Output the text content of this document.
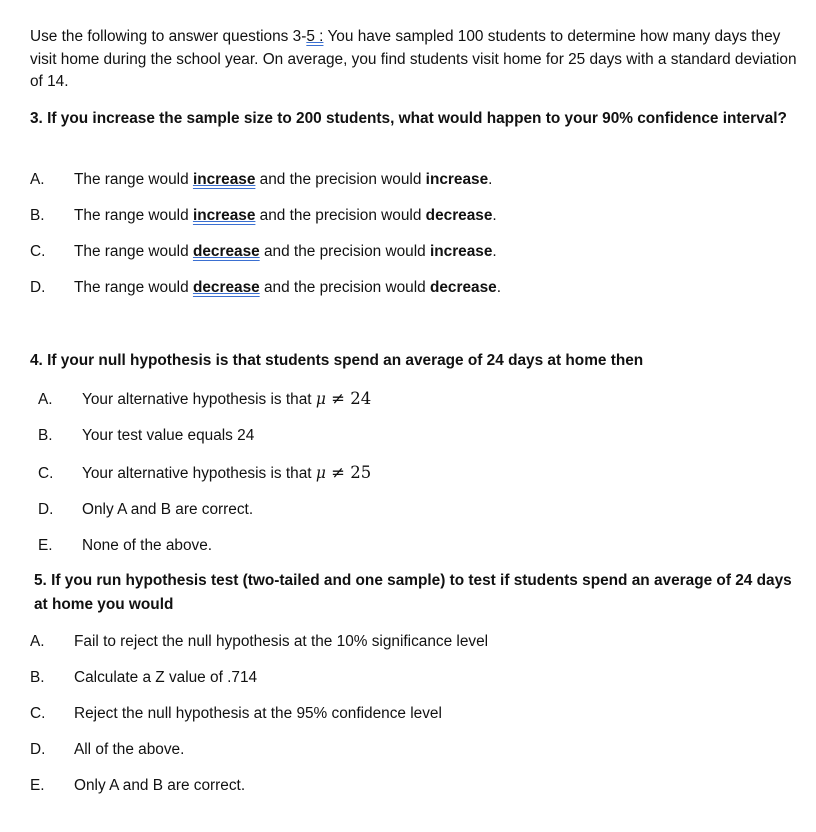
Use the following to answer questions 3-5 : You have sampled 100 students to determine how many days they visit home during the school year. On average, you find students visit home for 25 days with a standard deviation of 14.
3. If you increase the sample size to 200 students, what would happen to your 90% confidence interval?
A. The range would increase and the precision would increase.
B. The range would increase and the precision would decrease.
C. The range would decrease and the precision would increase.
D. The range would decrease and the precision would decrease.
4. If your null hypothesis is that students spend an average of 24 days at home then
A. Your alternative hypothesis is that μ ≠ 24
B. Your test value equals 24
C. Your alternative hypothesis is that μ ≠ 25
D. Only A and B are correct.
E. None of the above.
5. If you run hypothesis test (two-tailed and one sample) to test if students spend an average of 24 days at home you would
A. Fail to reject the null hypothesis at the 10% significance level
B. Calculate a Z value of .714
C. Reject the null hypothesis at the 95% confidence level
D. All of the above.
E. Only A and B are correct.
